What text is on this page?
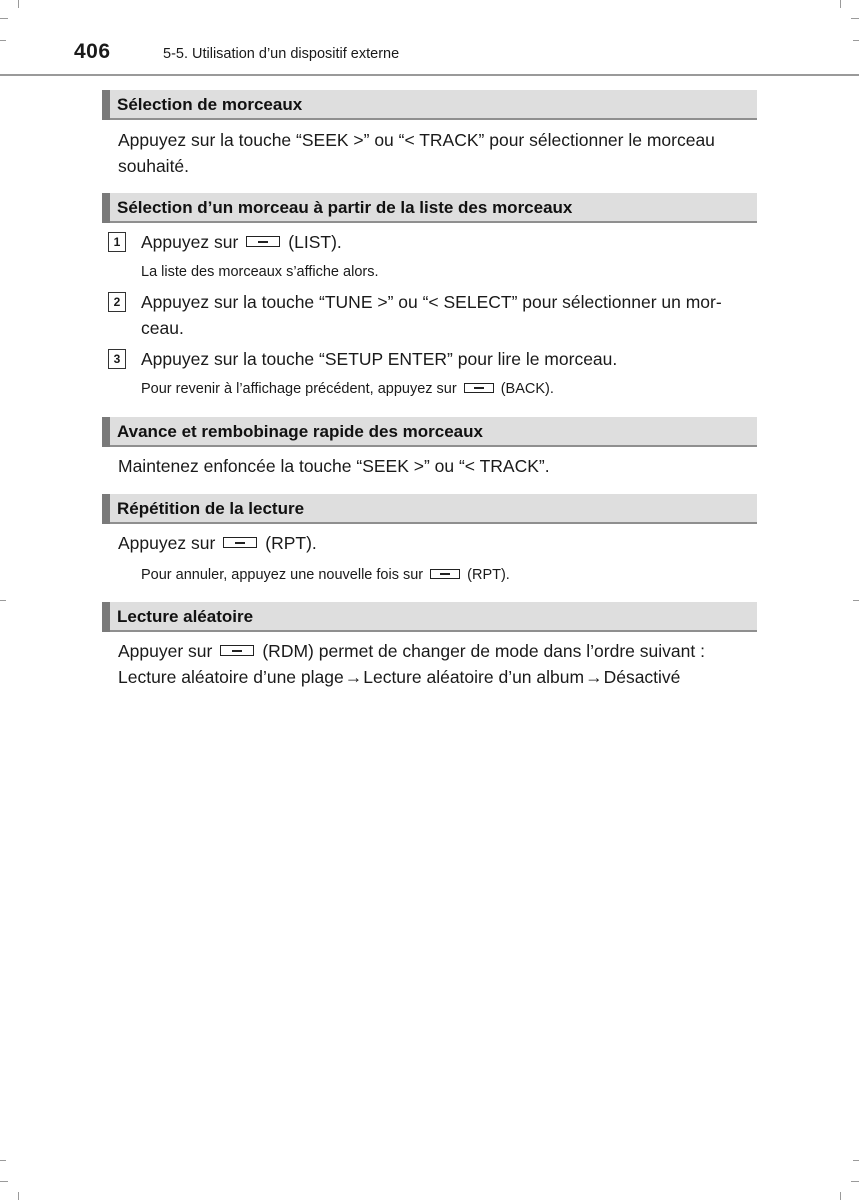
406	5-5. Utilisation d’un dispositif externe
Sélection de morceaux
Appuyez sur la touche “SEEK >” ou “< TRACK” pour sélectionner le morceau souhaité.
Sélection d’un morceau à partir de la liste des morceaux
1	Appuyez sur	(LIST).
La liste des morceaux s’affiche alors.
2	Appuyez sur la touche “TUNE >” ou “< SELECT” pour sélectionner un mor-ceau.
3	Appuyez sur la touche “SETUP ENTER” pour lire le morceau.
Pour revenir à l’affichage précédent, appuyez sur	(BACK).
Avance et rembobinage rapide des morceaux
Maintenez enfoncée la touche “SEEK >” ou “< TRACK”.
Répétition de la lecture
Appuyez sur	(RPT).
Pour annuler, appuyez une nouvelle fois sur	(RPT).
Lecture aléatoire
Appuyer sur	(RDM) permet de changer de mode dans l’ordre suivant :
Lecture aléatoire d’une plage→Lecture aléatoire d’un album→Désactivé
